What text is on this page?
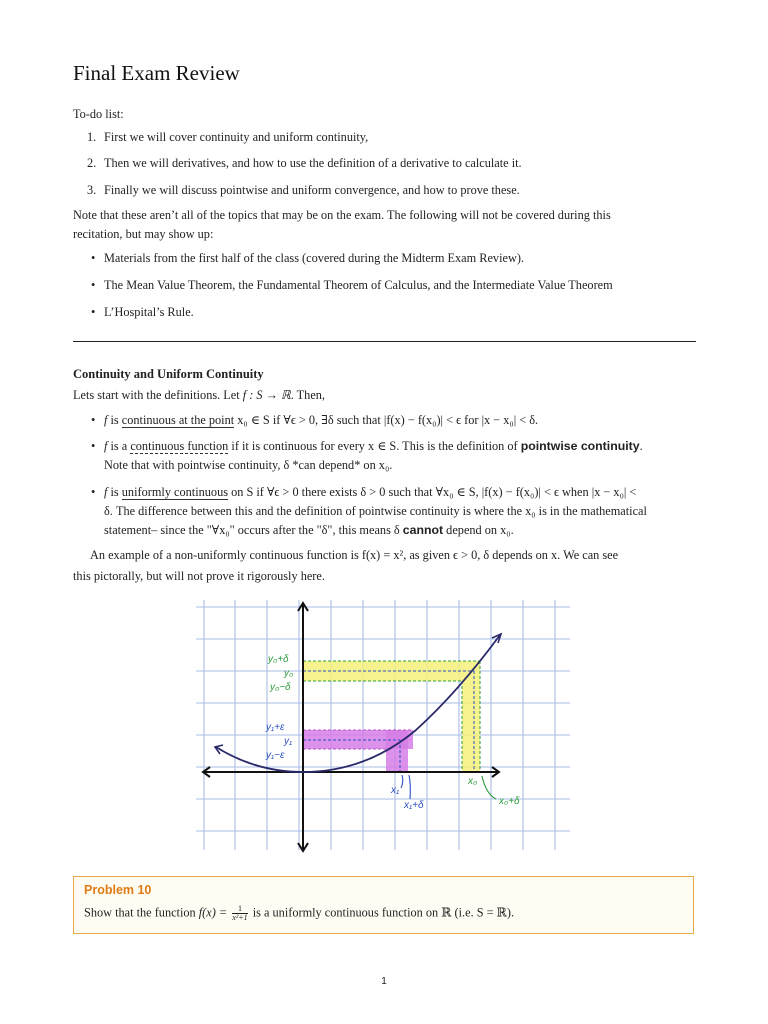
Final Exam Review
To-do list:
1. First we will cover continuity and uniform continuity,
2. Then we will derivatives, and how to use the definition of a derivative to calculate it.
3. Finally we will discuss pointwise and uniform convergence, and how to prove these.
Note that these aren’t all of the topics that may be on the exam. The following will not be covered during this
recitation, but may show up:
• Materials from the first half of the class (covered during the Midterm Exam Review).
• The Mean Value Theorem, the Fundamental Theorem of Calculus, and the Intermediate Value Theorem
• L’Hospital’s Rule.
Continuity and Uniform Continuity
Lets start with the definitions. Let f : S → ℝ. Then,
• f is continuous at the point x₀ ∈ S if ∀ϵ > 0, ∃δ such that |f(x) − f(x₀)| < ϵ for |x − x₀| < δ.
• f is a continuous function if it is continuous for every x ∈ S. This is the definition of pointwise continuity.
Note that with pointwise continuity, δ *can depend* on x₀.
• f is uniformly continuous on S if ∀ϵ > 0 there exists δ > 0 such that ∀x₀ ∈ S, |f(x) − f(x₀)| < ϵ when |x − x₀| <
δ. The difference between this and the definition of pointwise continuity is where the x₀ is in the mathematical
statement– since the "∀x₀" occurs after the "δ", this means δ cannot depend on x₀.
An example of a non-uniformly continuous function is f(x) = x², as given ϵ > 0, δ depends on x. We can see
this pictorally, but will not prove it rigorously here.
y₀+δ
y₀
y₀−δ
y₁+ε
y₁
y₁−ε
x₁
x₁+δ
x₀
x₀+δ
Problem 10
Show that the function $f(x) = \frac{1}{\text{x²+1}}$ is a uniformly continuous function on ℝ (i.e. S = ℝ).
1
